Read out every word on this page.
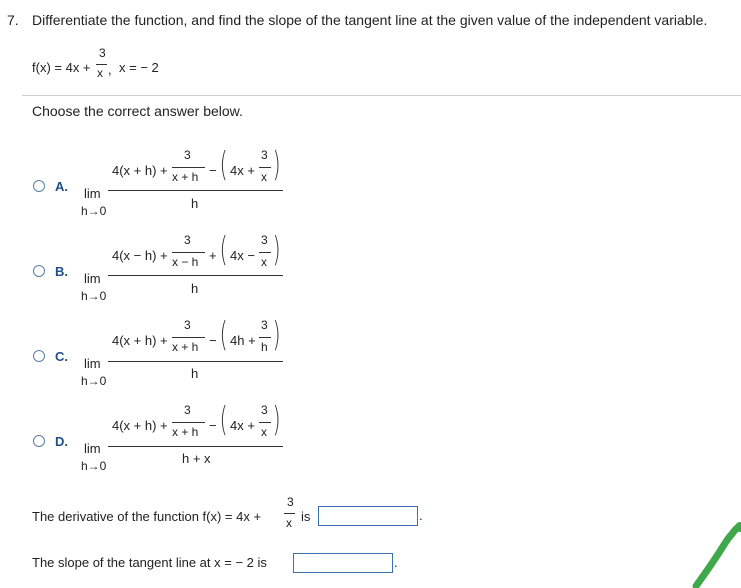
7. Differentiate the function, and find the slope of the tangent line at the given value of the independent variable.
f(x) = 4x +
3
x , x = − 2
Choose the correct answer below.
A. lim
h→0
4(x + h) +
3
x + h − ( 4x +
3
x )
h
B. lim
h→0
4(x − h) +
3
x − h + ( 4x −
3
x )
h
C. lim
h→0
4(x + h) +
3
x + h − ( 4h +
3
h )
h
D. lim
h→0
4(x + h) +
3
x + h − ( 4x +
3
x )
h + x
The derivative of the function f(x) = 4x +
3
x is	.
The slope of the tangent line at x = − 2 is	.
